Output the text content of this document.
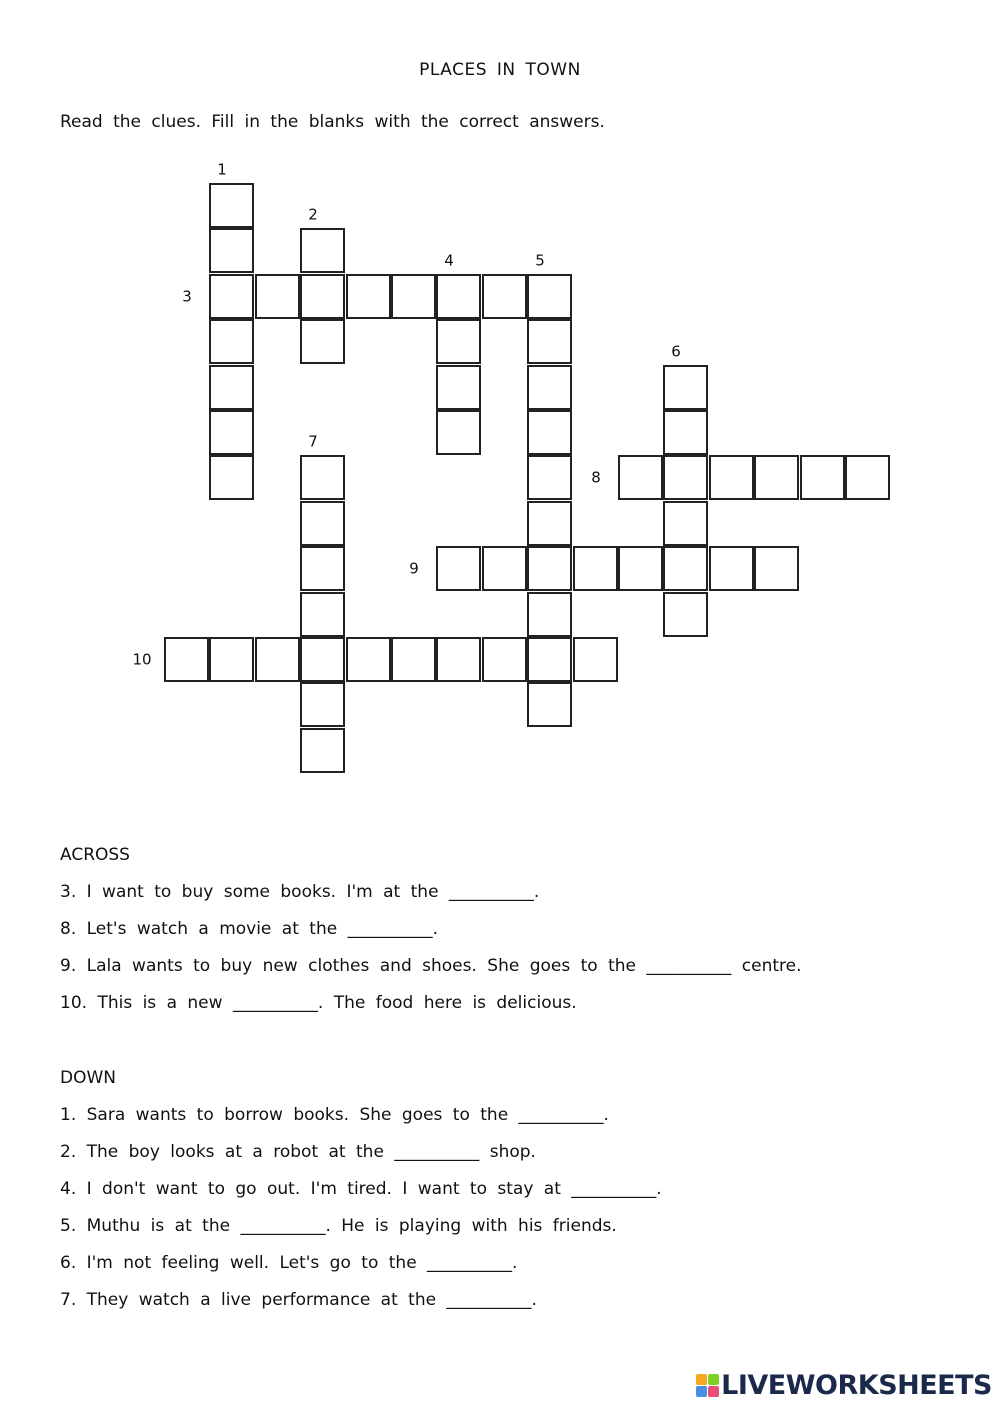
PLACES IN TOWN
Read the clues. Fill in the blanks with the correct answers.
1
2
3
4	5
6
7
8
9
10
ACROSS
3. I want to buy some books. I'm at the __________.
8. Let's watch a movie at the __________.
9. Lala wants to buy new clothes and shoes. She goes to the __________ centre.
10. This is a new __________. The food here is delicious.
DOWN
1. Sara wants to borrow books. She goes to the __________.
2. The boy looks at a robot at the __________ shop.
4. I don't want to go out. I'm tired. I want to stay at __________.
5. Muthu is at the __________. He is playing with his friends.
6. I'm not feeling well. Let's go to the __________.
7. They watch a live performance at the __________.
LIVEWORKSHEETS
